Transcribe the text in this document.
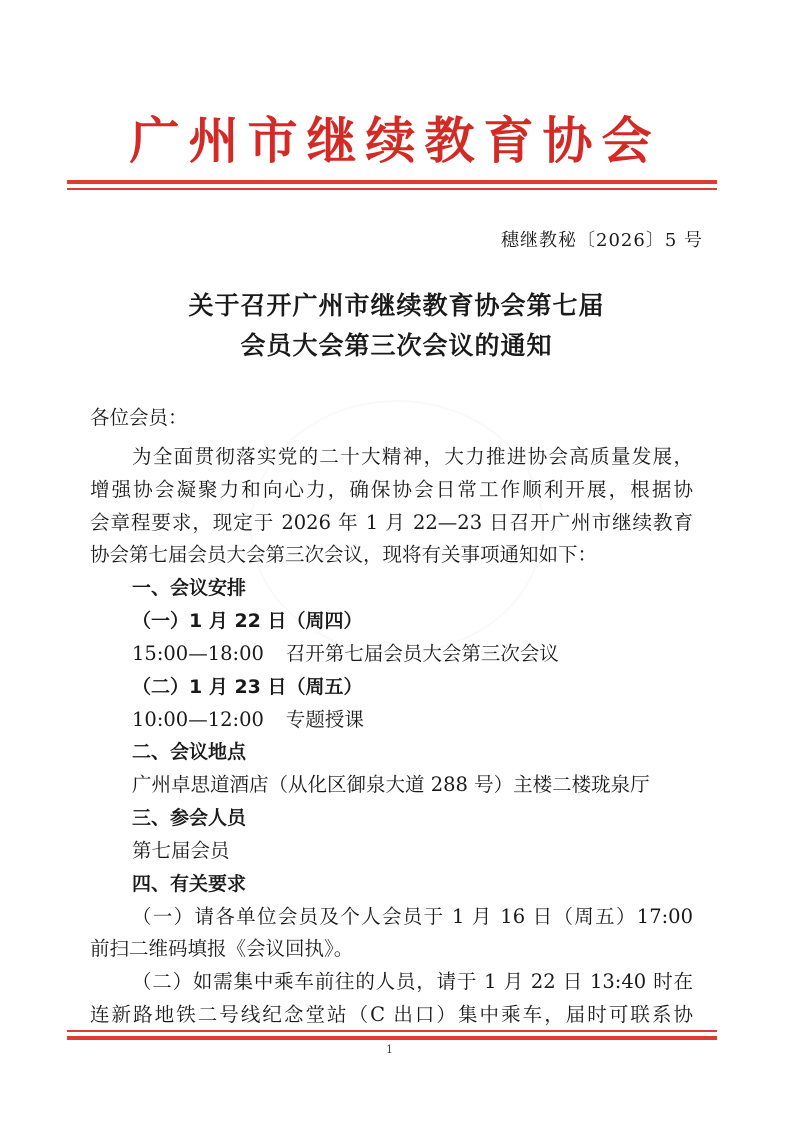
广州市继续教育协会
穗继教秘〔2026〕5 号
关于召开广州市继续教育协会第七届
会员大会第三次会议的通知
各位会员：
为全面贯彻落实党的二十大精神，大力推进协会高质量发展，
增强协会凝聚力和向心力，确保协会日常工作顺利开展，根据协
会章程要求，现定于 2026 年 1 月 22—23 日召开广州市继续教育
协会第七届会员大会第三次会议，现将有关事项通知如下：
一、会议安排
（一）1 月 22 日（周四）
15:00—18:00 召开第七届会员大会第三次会议
（二）1 月 23 日（周五）
10:00—12:00 专题授课
二、会议地点
广州卓思道酒店（从化区御泉大道 288 号）主楼二楼珑泉厅
三、参会人员
第七届会员
四、有关要求
（一）请各单位会员及个人会员于 1 月 16 日（周五）17:00
前扫二维码填报《会议回执》。
1
（二）如需集中乘车前往的人员，请于 1 月 22 日 13:40 时在
连新路地铁二号线纪念堂站（C 出口）集中乘车，届时可联系协
